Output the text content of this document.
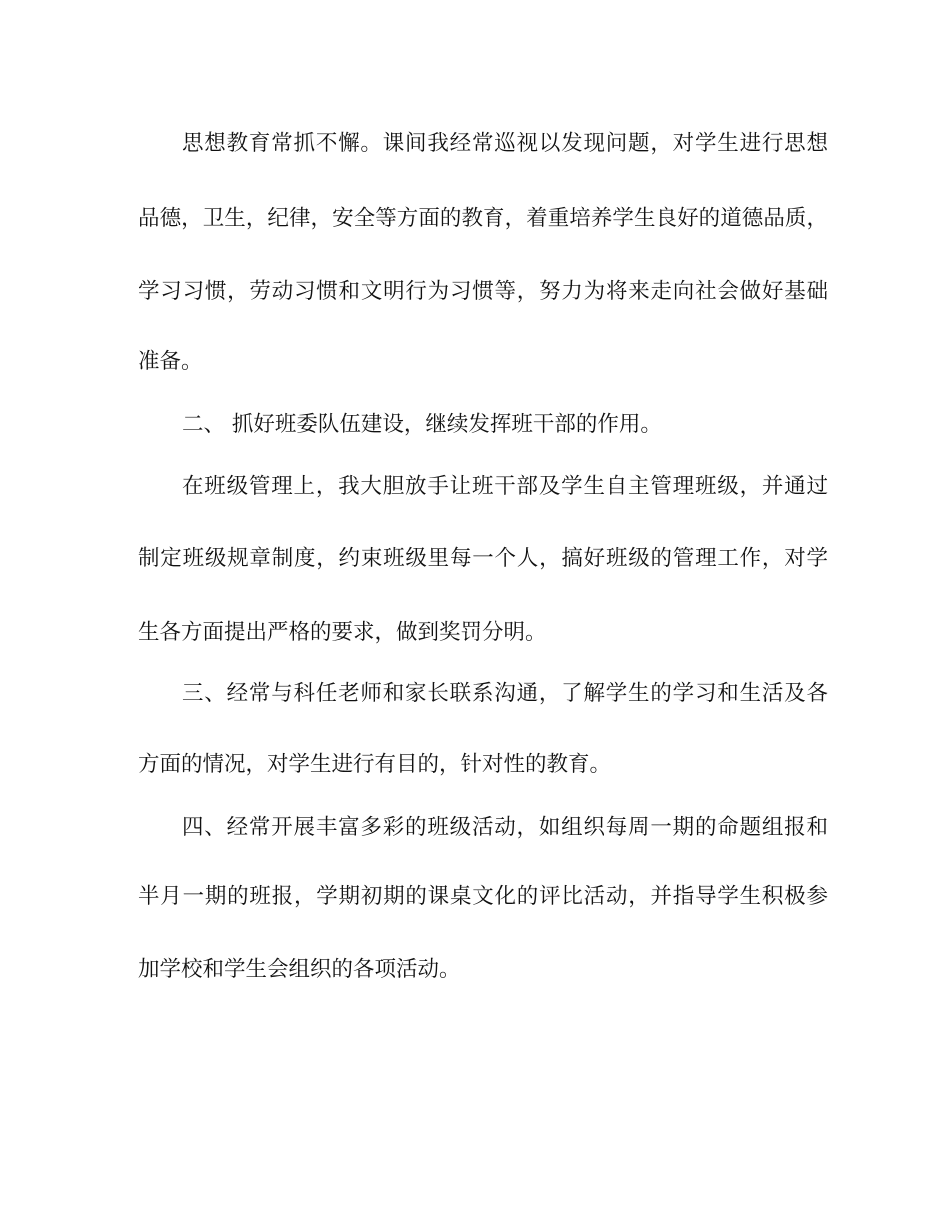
思想教育常抓不懈。课间我经常巡视以发现问题，对学生进行思想
品德，卫生，纪律，安全等方面的教育，着重培养学生良好的道德品质，
学习习惯，劳动习惯和文明行为习惯等，努力为将来走向社会做好基础
准备。
二、 抓好班委队伍建设，继续发挥班干部的作用。
在班级管理上，我大胆放手让班干部及学生自主管理班级，并通过
制定班级规章制度，约束班级里每一个人，搞好班级的管理工作，对学
生各方面提出严格的要求，做到奖罚分明。
三、经常与科任老师和家长联系沟通，了解学生的学习和生活及各
方面的情况，对学生进行有目的，针对性的教育。
四、经常开展丰富多彩的班级活动，如组织每周一期的命题组报和
半月一期的班报，学期初期的课桌文化的评比活动，并指导学生积极参
加学校和学生会组织的各项活动。
